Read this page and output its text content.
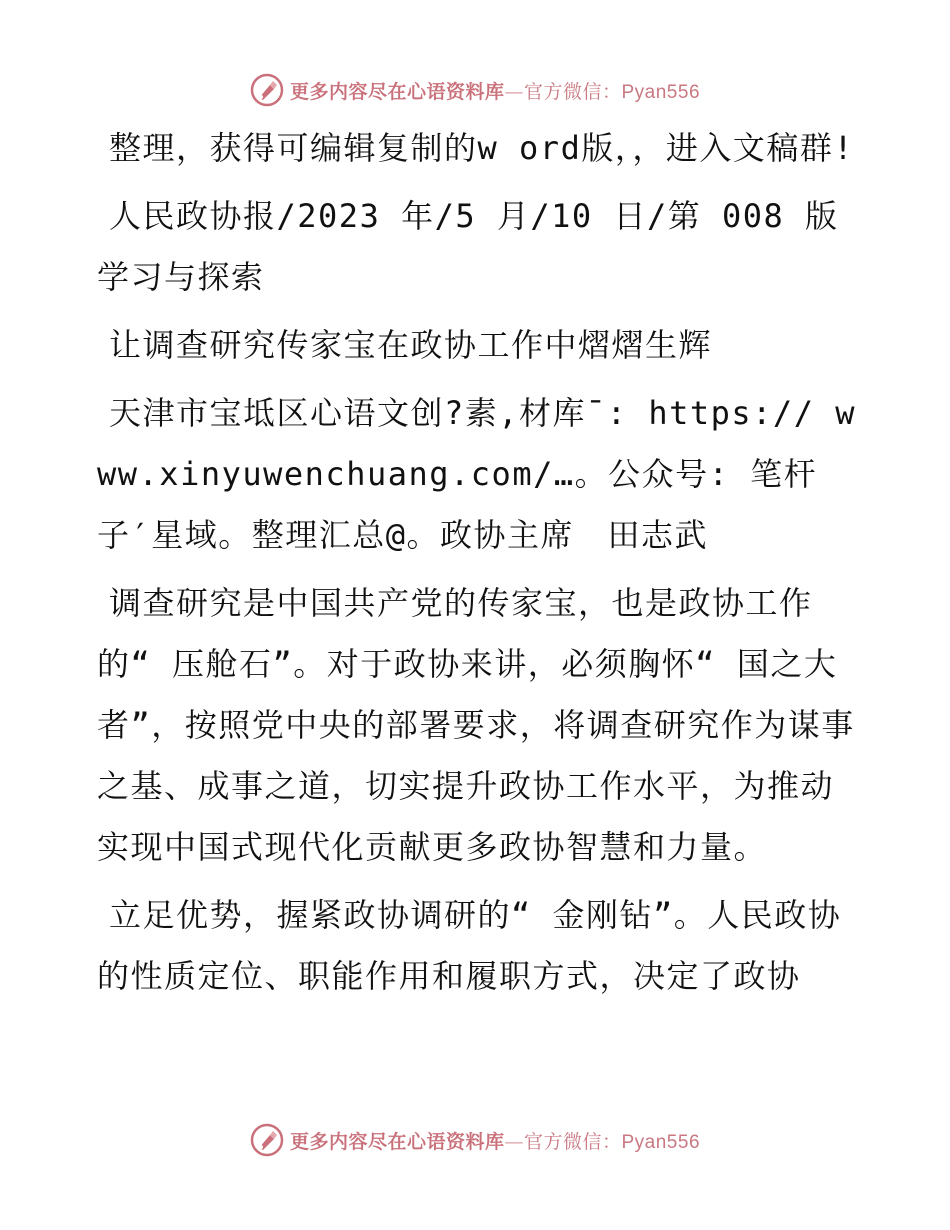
更多内容尽在心语资料库—官方微信：Pyan556

整理，获得可编辑复制的w ord版，，进入文稿群!

人民政协报/2023 年/5 月/10 日/第 008 版学习与探索

让调查研究传家宝在政协工作中熠熠生辉

天津市宝坻区心语文创?素,材库¯: https:// www.xinyuwenchuang.com/…。公众号: 笔杆子′星域。整理汇总@。政协主席　田志武

调查研究是中国共产党的传家宝，也是政协工作的“ 压舱石”。对于政协来讲，必须胸怀“ 国之大者”，按照党中央的部署要求，将调查研究作为谋事之基、成事之道，切实提升政协工作水平，为推动实现中国式现代化贡献更多政协智慧和力量。

立足优势，握紧政协调研的“ 金刚钻”。人民政协的性质定位、职能作用和履职方式，决定了政协

更多内容尽在心语资料库—官方微信：Pyan556
